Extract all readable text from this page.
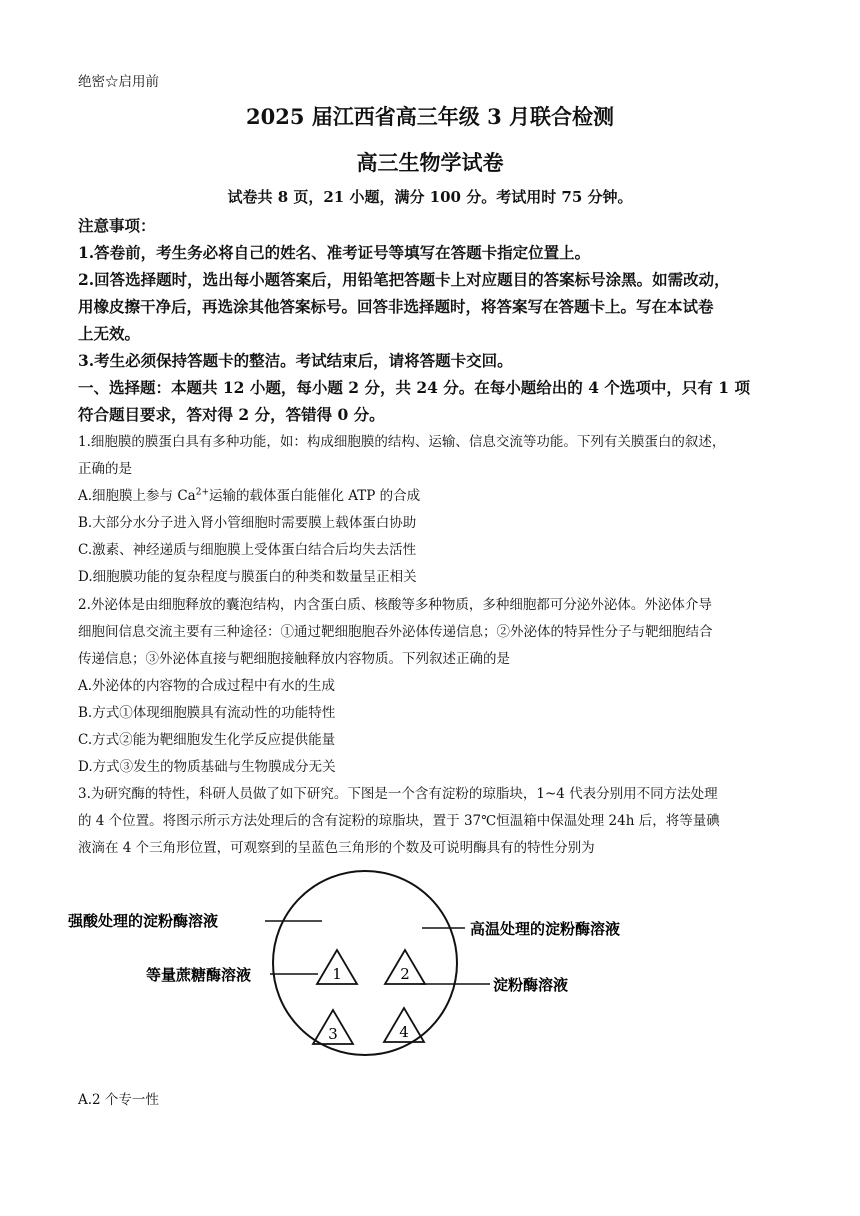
绝密☆启用前
2025 届江西省高三年级 3 月联合检测
高三生物学试卷
试卷共 8 页，21 小题，满分 100 分。考试用时 75 分钟。
注意事项：
1.答卷前，考生务必将自己的姓名、准考证号等填写在答题卡指定位置上。
2.回答选择题时，选出每小题答案后，用铅笔把答题卡上对应题目的答案标号涂黑。如需改动，
用橡皮擦干净后，再选涂其他答案标号。回答非选择题时，将答案写在答题卡上。写在本试卷
上无效。
3.考生必须保持答题卡的整洁。考试结束后，请将答题卡交回。
一、选择题：本题共 12 小题，每小题 2 分，共 24 分。在每小题给出的 4 个选项中，只有 1 项
符合题目要求，答对得 2 分，答错得 0 分。
1.细胞膜的膜蛋白具有多种功能，如：构成细胞膜的结构、运输、信息交流等功能。下列有关膜蛋白的叙述，
正确的是
A.细胞膜上参与 $Ca^{2+}$运输的载体蛋白能催化 ATP 的合成
B.大部分水分子进入肾小管细胞时需要膜上载体蛋白协助
C.激素、神经递质与细胞膜上受体蛋白结合后均失去活性
D.细胞膜功能的复杂程度与膜蛋白的种类和数量呈正相关
2.外泌体是由细胞释放的囊泡结构，内含蛋白质、核酸等多种物质，多种细胞都可分泌外泌体。外泌体介导
细胞间信息交流主要有三种途径：①通过靶细胞胞吞外泌体传递信息；②外泌体的特异性分子与靶细胞结合
传递信息；③外泌体直接与靶细胞接触释放内容物质。下列叙述正确的是
A.外泌体的内容物的合成过程中有水的生成
B.方式①体现细胞膜具有流动性的功能特性
C.方式②能为靶细胞发生化学反应提供能量
D.方式③发生的物质基础与生物膜成分无关
3.为研究酶的特性，科研人员做了如下研究。下图是一个含有淀粉的琼脂块，1~4 代表分别用不同方法处理
的 4 个位置。将图示所示方法处理后的含有淀粉的琼脂块，置于 37℃恒温箱中保温处理 24h 后，将等量碘
液滴在 4 个三角形位置，可观察到的呈蓝色三角形的个数及可说明酶具有的特性分别为
1	2
3	4
强酸处理的淀粉酶溶液	高温处理的淀粉酶溶液
等量蔗糖酶溶液
淀粉酶溶液
A.2 个专一性
